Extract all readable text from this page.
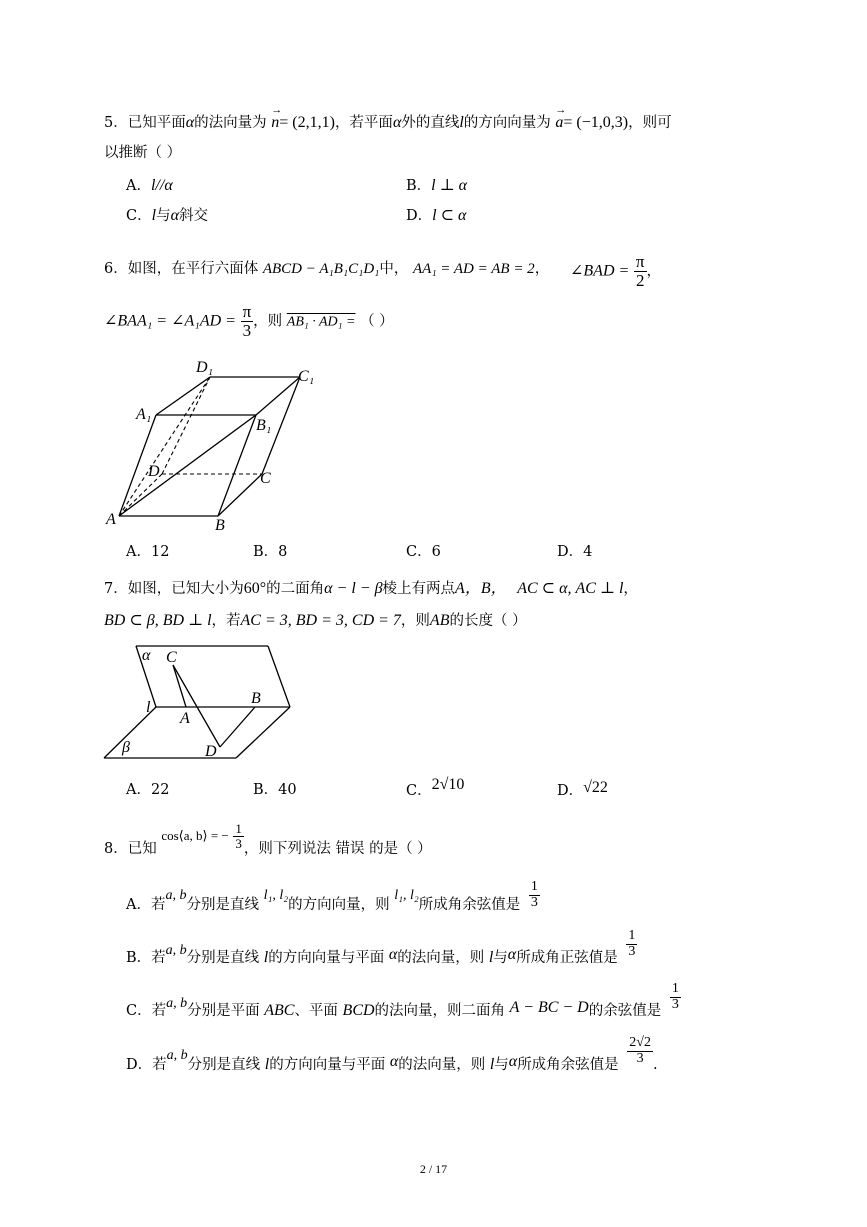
5．已知平面α的法向量为
→
n= (2,1,1)，若平面α外的直线l的方向向量为
→
a= (−1,0,3)，则可
以推断（ ）
A．l//α	B．l ⊥ α
C．l与α斜交	D．l ⊂ α
6．如图，在平行六面体 ABCD − A₁B₁C₁D₁中， AA₁ = AD = AB = 2， ∠BAD = $\frac{\pi}{2}$ ，
∠BAA₁ = ∠A₁AD = $\frac{\pi}{3}$ ，则 AB₁ · AD₁ = （ ）
D₁
C₁
A₁
B₁
D	C
A	B
A．12	B．8	C．6	D．4
7．如图，已知大小为60°的二面角α − l − β棱上有两点A，B， AC ⊂ α, AC ⊥ l，
BD ⊂ β, BD ⊥ l，若AC = 3, BD = 3, CD = 7，则AB的长度（ ）
α C
l
A
B
β	D
A．22	B．40	C．2√10	D．√22
8．已知 cos⟨a, b⟩ = − $\frac{1}{3}$ ，则下列说法 错误 的是（ ）
A．若a, b分别是直线 l₁, l₂的方向向量，则 l₁, l₂所成角余弦值是 $\frac{1}{3}$
B．若a, b分别是直线 l的方向向量与平面 α的法向量，则 l与α所成角正弦值是 $\frac{1}{3}$
C．若a, b分别是平面 ABC、平面 BCD的法向量，则二面角 A − BC − D的余弦值是 $\frac{1}{3}$
D．若a, b分别是直线 l的方向向量与平面 α的法向量，则 l与α所成角余弦值是 $\frac{2√2}{3}$ .
2 / 17
